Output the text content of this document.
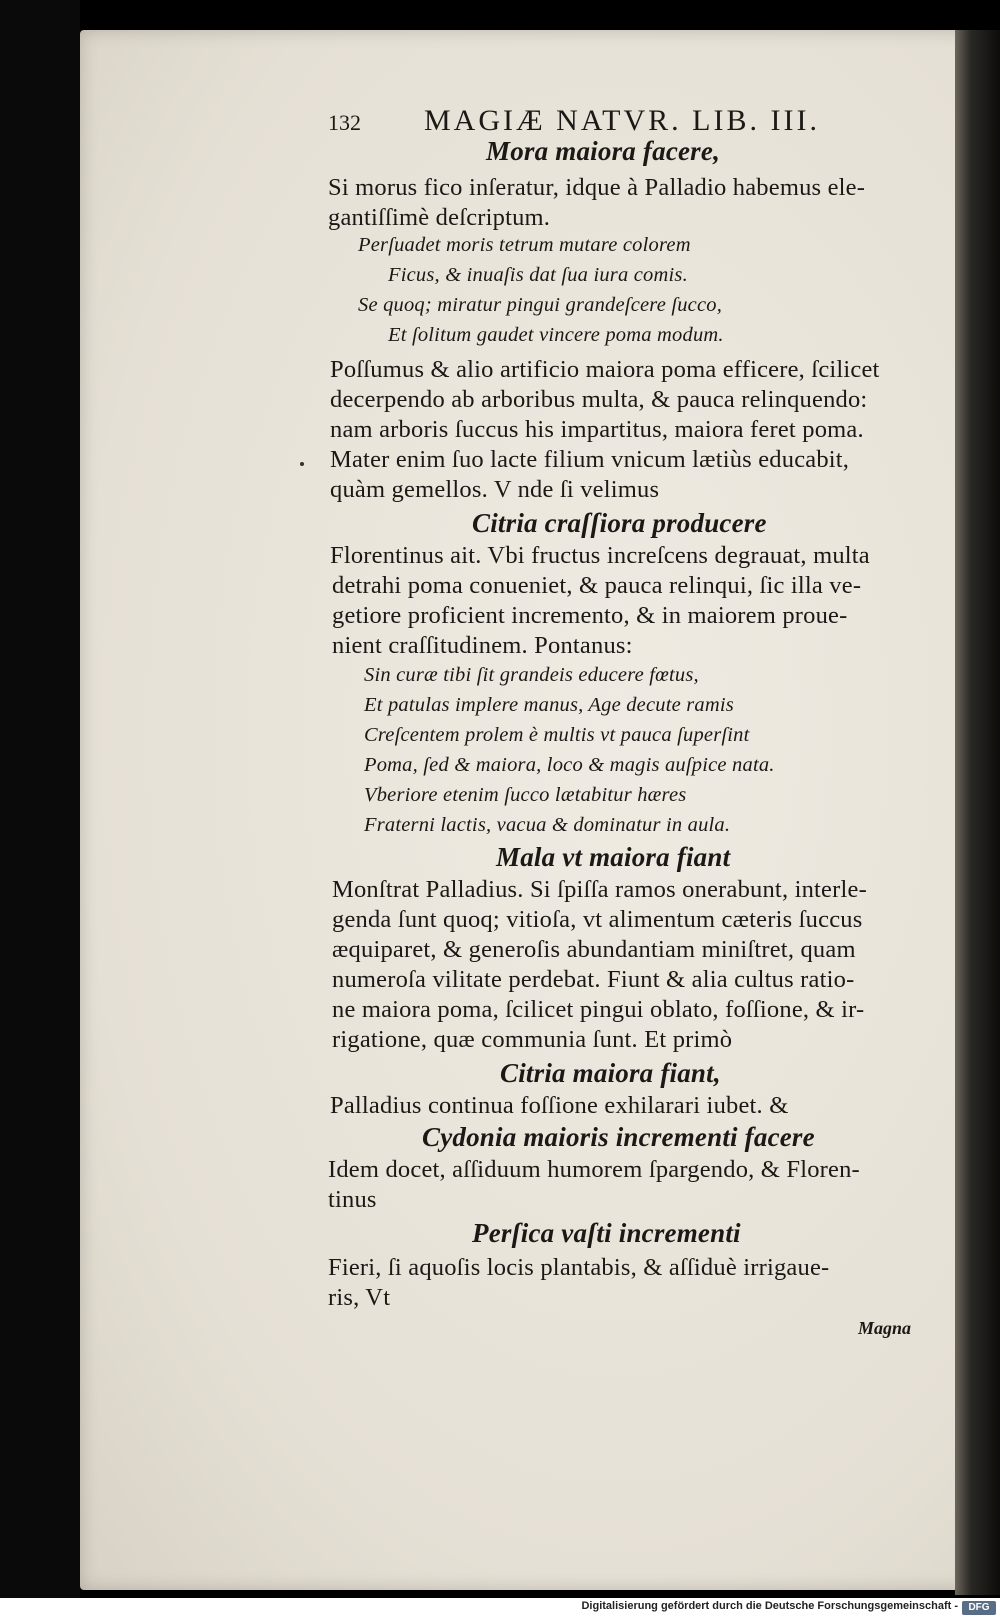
132 MAGIÆ NATVR. LIB. III.
Mora maiora facere,
Si morus fico inſeratur, idque à Palladio habemus ele-
gantiſſimè deſcriptum.
Perſuadet moris tetrum mutare colorem
Ficus, & inuaſis dat ſua iura comis.
Se quoq; miratur pingui grandeſcere ſucco,
Et ſolitum gaudet vincere poma modum.
Poſſumus & alio artificio maiora poma efficere, ſcilicet
decerpendo ab arboribus multa, & pauca relinquendo:
nam arboris ſuccus his impartitus, maiora feret poma.
Mater enim ſuo lacte filium vnicum lætiùs educabit,
quàm gemellos. V nde ſi velimus
Citria craſſiora producere
Florentinus ait. Vbi fructus increſcens degrauat, multa
detrahi poma conueniet, & pauca relinqui, ſic illa ve-
getiore proficient incremento, & in maiorem proue-
nient craſſitudinem. Pontanus:
Sin curæ tibi ſit grandeis educere fœtus,
Et patulas implere manus, Age decute ramis
Creſcentem prolem è multis vt pauca ſuperſint
Poma, ſed & maiora, loco & magis auſpice nata.
Vberiore etenim ſucco lætabitur hæres
Fraterni lactis, vacua & dominatur in aula.
Mala vt maiora fiant
Monſtrat Palladius. Si ſpiſſa ramos onerabunt, interle-
genda ſunt quoq; vitioſa, vt alimentum cæteris ſuccus
æquiparet, & generoſis abundantiam miniſtret, quam
numeroſa vilitate perdebat. Fiunt & alia cultus ratio-
ne maiora poma, ſcilicet pingui oblato, foſſione, & ir-
rigatione, quæ communia ſunt. Et primò
Citria maiora fiant,
Palladius continua foſſione exhilarari iubet. &
Cydonia maioris incrementi facere
Idem docet, aſſiduum humorem ſpargendo, & Floren-
tinus
Perſica vaſti incrementi
Fieri, ſi aquoſis locis plantabis, & aſſiduè irrigaue-
ris, Vt
Magna
Digitalisierung gefördert durch die Deutsche Forschungsgemeinschaft -	DFG
